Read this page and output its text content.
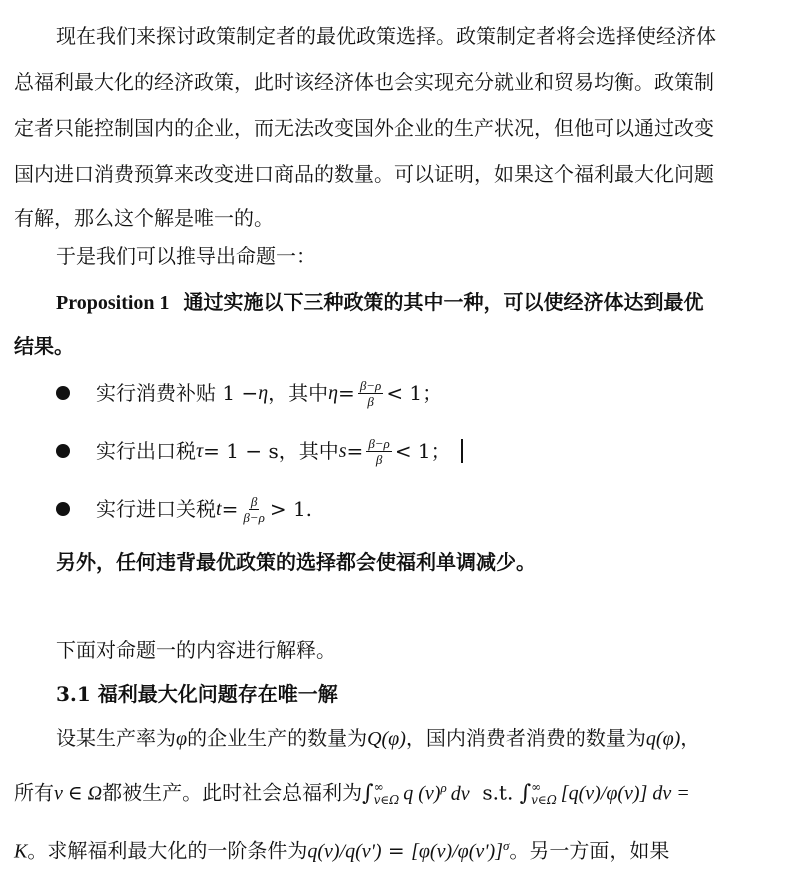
现在我们来探讨政策制定者的最优政策选择。政策制定者将会选择使经济体
总福利最大化的经济政策，此时该经济体也会实现充分就业和贸易均衡。政策制
定者只能控制国内的企业，而无法改变国外企业的生产状况，但他可以通过改变
国内进口消费预算来改变进口商品的数量。可以证明，如果这个福利最大化问题
有解，那么这个解是唯一的。
于是我们可以推导出命题一：
Proposition 1 通过实施以下三种政策的其中一种，可以使经济体达到最优
结果。
实行消费补贴 1 − η ，其中 $\eta = \frac{\beta-\rho}{\beta} < 1$；
实行出口税 τ = 1 − s，其中 $s = \frac{\beta-\rho}{\beta} < 1$；
实行进口关税 $t = \frac{\beta}{\beta-\rho} > 1$.
另外，任何违背最优政策的选择都会使福利单调减少。
下面对命题一的内容进行解释。
3.1 福利最大化问题存在唯一解
设某生产率为φ的企业生产的数量为Q(φ)，国内消费者消费的数量为q(φ)，
所有v ∈ Ω都被生产。此时社会总福利为∫ ∞
v∈Ω q $(v)^\rho$ dv s.t. ∫ ∞
v∈Ω [q(v)/φ(v)] dv =
K。求解福利最大化的一阶条件为$q(v)/q(v') = [\varphi(v)/\varphi(v')]^\sigma$。另一方面，如果
